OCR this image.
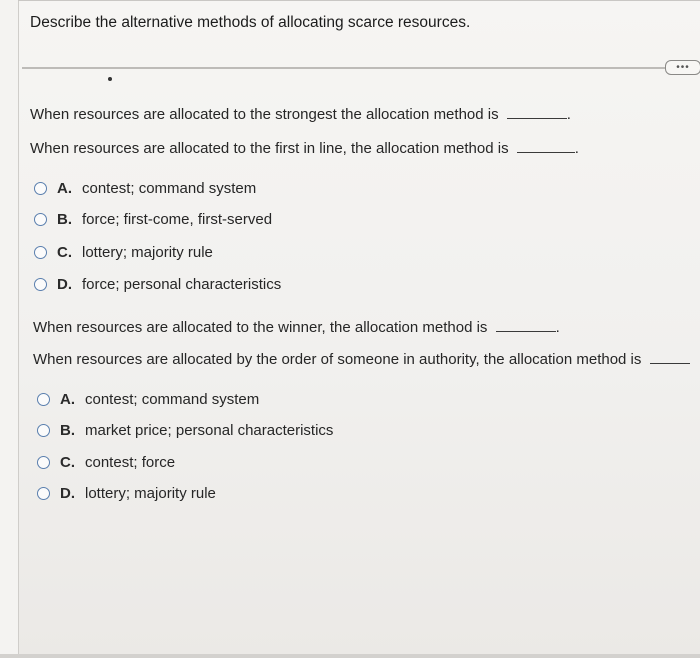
Describe the alternative methods of allocating scarce resources.
•••
When resources are allocated to the strongest the allocation method is	.
When resources are allocated to the first in line, the allocation method is	.
A. contest; command system
B. force; first-come, first-served
C. lottery; majority rule
D. force; personal characteristics
When resources are allocated to the winner, the allocation method is	.
When resources are allocated by the order of someone in authority, the allocation method is
A. contest; command system
B. market price; personal characteristics
C. contest; force
D. lottery; majority rule
